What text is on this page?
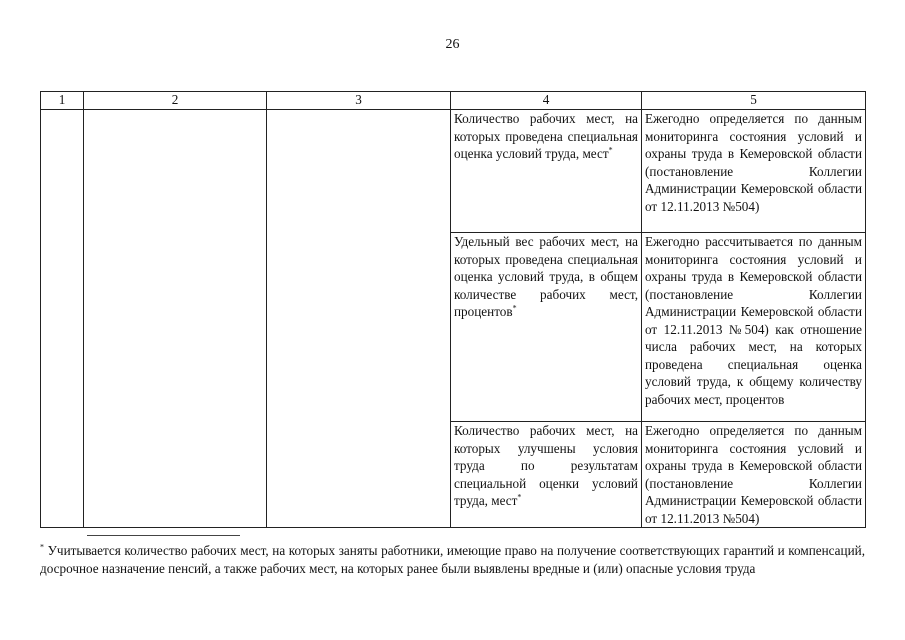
26
1	2	3	4	5
			Количество рабочих мест, на которых проведена специальная оценка условий труда, мест*	Ежегодно определяется по данным мониторинга состояния условий и охраны труда в Кемеровской области (постановление Коллегии Администрации Кемеровской области от 12.11.2013 №504)
			Удельный вес рабочих мест, на которых проведена специальная оценка условий труда, в общем количестве рабочих мест, процентов*	Ежегодно рассчитывается по данным мониторинга состояния условий и охраны труда в Кемеровской области (постановление Коллегии Администрации Кемеровской области от 12.11.2013 №504) как отношение числа рабочих мест, на которых проведена специальная оценка условий труда, к общему количеству рабочих мест, процентов
			Количество рабочих мест, на которых улучшены условия труда по результатам специальной оценки условий труда, мест*	Ежегодно определяется по данным мониторинга состояния условий и охраны труда в Кемеровской области (постановление Коллегии Администрации Кемеровской области от 12.11.2013 №504)
* Учитывается количество рабочих мест, на которых заняты работники, имеющие право на получение соответствующих гарантий и компенсаций, досрочное назначение пенсий, а также рабочих мест, на которых ранее были выявлены вредные и (или) опасные условия труда
